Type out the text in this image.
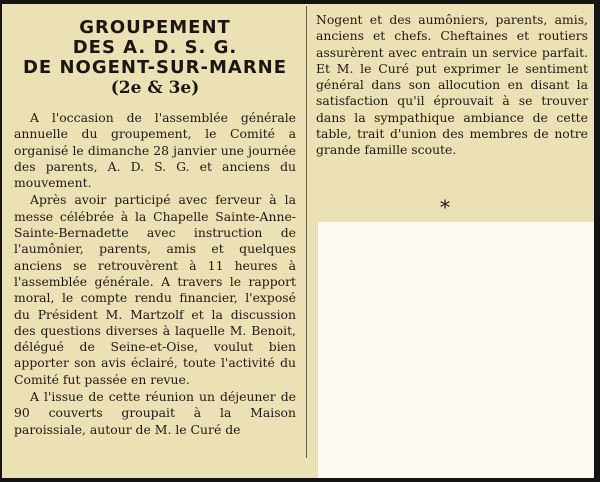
GROUPEMENT
DES A. D. S. G.
DE NOGENT-SUR-MARNE
(2e & 3e)

A l'occasion de l'assemblée générale annuelle du groupement, le Comité a organisé le dimanche 28 janvier une journée des parents, A. D. S. G. et anciens du mouvement.

Après avoir participé avec ferveur à la messe célébrée à la Chapelle Sainte-Anne-Sainte-Bernadette avec instruction de l'aumônier, parents, amis et quelques anciens se retrouvèrent à 11 heures à l'assemblée générale. A travers le rapport moral, le compte rendu financier, l'exposé du Président M. Martzolf et la discussion des questions diverses à laquelle M. Benoit, délégué de Seine-et-Oise, voulut bien apporter son avis éclairé, toute l'activité du Comité fut passée en revue.

A l'issue de cette réunion un déjeuner de 90 couverts groupait à la Maison paroissiale, autour de M. le Curé de

Nogent et des aumôniers, parents, amis, anciens et chefs. Cheftaines et routiers assurèrent avec entrain un service parfait. Et M. le Curé put exprimer le sentiment général dans son allocution en disant la satisfaction qu'il éprouvait à se trouver dans la sympathique ambiance de cette table, trait d'union des membres de notre grande famille scoute.

*
